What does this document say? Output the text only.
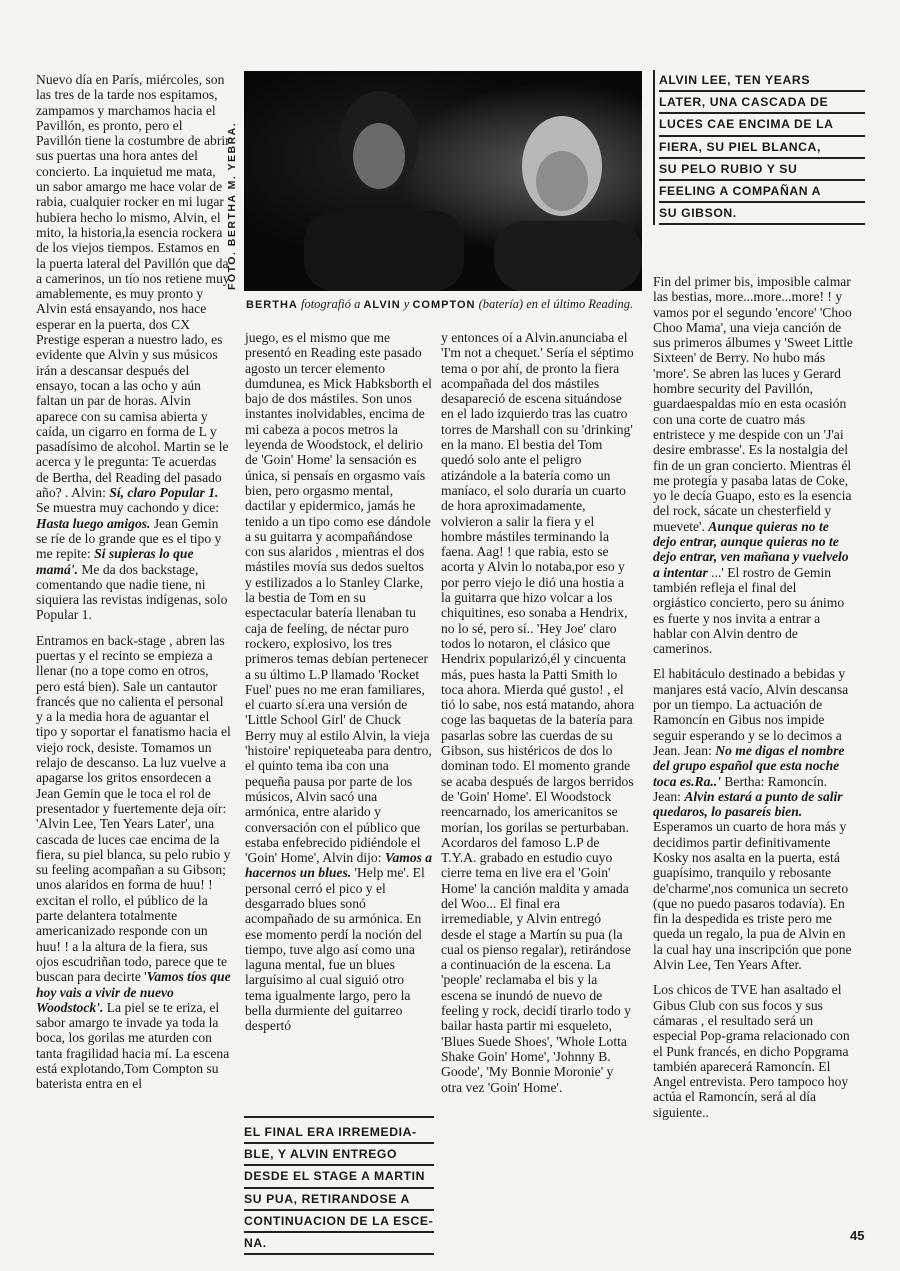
Nuevo día en París, miércoles, son las tres de la tarde nos espitamos, zampamos y marchamos hacia el Pavillón, es pronto, pero el Pavillón tiene la costumbre de abrir sus puertas una hora antes del concierto. La inquietud me mata, un sabor amargo me hace volar de rabia, cualquier rocker en mi lugar hubiera hecho lo mismo, Alvin, el mito, la historia,la esencia rockera de los viejos tiempos. Estamos en la puerta lateral del Pavillón que da a camerinos, un tío nos retiene muy amablemente, es muy pronto y Alvin está ensayando, nos hace esperar en la puerta, dos CX Prestige esperan a nuestro lado, es evidente que Alvin y sus músicos irán a descansar después del ensayo, tocan a las ocho y aún faltan un par de horas. Alvin aparece con su camisa abierta y caída, un cigarro en forma de L y pasadísimo de alcohol. Martin se le acerca y le pregunta: Te acuerdas de Bertha, del Reading del pasado año? . Alvin: Sí, claro Popular 1. Se muestra muy cachondo y dice: Hasta luego amigos. Jean Gemin se ríe de lo grande que es el tipo y me repite: Si supieras lo que mamá'. Me da dos backstage, comentando que nadie tiene, ni siquiera las revistas indígenas, solo Popular 1.

Entramos en back-stage , abren las puertas y el recinto se empieza a llenar (no a tope como en otros, pero está bien). Sale un cantautor francés que no calienta el personal y a la media hora de aguantar el tipo y soportar el fanatismo hacia el viejo rock, desiste. Tomamos un relajo de descanso. La luz vuelve a apagarse los gritos ensordecen a Jean Gemin que le toca el rol de presentador y fuertemente deja oír: 'Alvin Lee, Ten Years Later', una cascada de luces cae encima de la fiera, su piel blanca, su pelo rubio y su feeling acompañan a su Gibson; unos alaridos en forma de huu! ! excitan el rollo, el público de la parte delantera totalmente americanizado responde con un huu! ! a la altura de la fiera, sus ojos escudriñan todo, parece que te buscan para decirte 'Vamos tíos que hoy vais a vivir de nuevo Woodstock'. La piel se te eriza, el sabor amargo te invade ya toda la boca, los gorilas me aturden con tanta fragilidad hacia mí. La escena está explotando,Tom Compton su baterista entra en el

FOTO. BERTHA M. YEBRA.
BERTHA fotografió a ALVIN y COMPTON (batería) en el último Reading.
ALVIN LEE, TEN YEARS
LATER, UNA CASCADA DE
LUCES CAE ENCIMA DE LA
FIERA, SU PIEL BLANCA,
SU PELO RUBIO Y SU
FEELING A COMPAÑAN A
SU GIBSON.

juego, es el mismo que me presentó en Reading este pasado agosto un tercer elemento dumdunea, es Mick Habksborth el bajo de dos mástiles. Son unos instantes inolvidables, encima de mi cabeza a pocos metros la leyenda de Woodstock, el delirio de 'Goin' Home' la sensación es única, si pensaís en orgasmo vaís bien, pero orgasmo mental, dactilar y epidermico, jamás he tenido a un tipo como ese dándole a su guitarra y acompañándose con sus alaridos , mientras el dos mástiles movía sus dedos sueltos y estilizados a lo Stanley Clarke, la bestia de Tom en su espectacular batería llenaban tu caja de feeling, de néctar puro rockero, explosivo, los tres primeros temas debían pertenecer a su último L.P llamado 'Rocket Fuel' pues no me eran familiares, el cuarto sí.era una versión de 'Little School Girl' de Chuck Berry muy al estilo Alvin, la vieja 'histoire' repiqueteaba para dentro, el quinto tema iba con una pequeña pausa por parte de los músicos, Alvin sacó una armónica, entre alarido y conversación con el público que estaba enfebrecido pidiéndole el 'Goin' Home', Alvin dijo: Vamos a hacernos un blues. 'Help me'. El personal cerró el pico y el desgarrado blues sonó acompañado de su armónica. En ese momento perdí la noción del tiempo, tuve algo así como una laguna mental, fue un blues larguísimo al cual siguió otro tema igualmente largo, pero la bella durmiente del guitarreo despertó

EL FINAL ERA IRREMEDIA-
BLE, Y ALVIN ENTREGO
DESDE EL STAGE A MARTIN
SU PUA, RETIRANDOSE A
CONTINUACION DE LA ESCE-
NA.

y entonces oí a Alvin.anunciaba el 'I'm not a chequet.' Sería el séptimo tema o por ahí, de pronto la fiera acompañada del dos mástiles desapareció de escena situándose en el lado izquierdo tras las cuatro torres de Marshall con su 'drinking' en la mano. El bestia del Tom quedó solo ante el peligro atizándole a la batería como un maníaco, el solo duraría un cuarto de hora aproximadamente, volvieron a salir la fiera y el hombre mástiles terminando la faena. Aag! ! que rabia, esto se acorta y Alvin lo notaba,por eso y por perro viejo le dió una hostia a la guitarra que hizo volcar a los chiquitines, eso sonaba a Hendrix, no lo sé, pero sí.. 'Hey Joe' claro todos lo notaron, el clásico que Hendrix popularizó,él y cincuenta más, pues hasta la Patti Smith lo toca ahora. Mierda qué gusto! , el tió lo sabe, nos está matando, ahora coge las baquetas de la batería para pasarlas sobre las cuerdas de su Gibson, sus histéricos de dos lo dominan todo. El momento grande se acaba después de largos berridos de 'Goin' Home'. El Woodstock reencarnado, los americanitos se morían, los gorilas se perturbaban. Acordaros del famoso L.P de T.Y.A. grabado en estudio cuyo cierre tema en live era el 'Goin' Home' la canción maldita y amada del Woo... El final era irremediable, y Alvin entregó desde el stage a Martín su pua (la cual os pienso regalar), retirándose a continuación de la escena. La 'people' reclamaba el bis y la escena se inundó de nuevo de feeling y rock, decidí tirarlo todo y bailar hasta partir mi esqueleto, 'Blues Suede Shoes', 'Whole Lotta Shake Goin' Home', 'Johnny B. Goode', 'My Bonnie Moronie' y otra vez 'Goin' Home'.

Fin del primer bis, imposible calmar las bestias, more...more...more! ! y vamos por el segundo 'encore' 'Choo Choo Mama', una vieja canción de sus primeros álbumes y 'Sweet Little Sixteen' de Berry. No hubo más 'more'. Se abren las luces y Gerard hombre security del Pavillón, guardaespaldas mío en esta ocasión con una corte de cuatro más entristece y me despide con un 'J'ai desire embrasse'. Es la nostalgia del fin de un gran concierto. Mientras él me protegía y pasaba latas de Coke, yo le decía Guapo, esto es la esencia del rock, sácate un chesterfield y muevete'. Aunque quieras no te dejo entrar, aunque quieras no te dejo entrar, ven mañana y vuelvelo a intentar ...' El rostro de Gemin también refleja el final del orgiástico concierto, pero su ánimo es fuerte y nos invita a entrar a hablar con Alvin dentro de camerinos.

El habitáculo destinado a bebidas y manjares está vacío, Alvin descansa por un tiempo. La actuación de Ramoncín en Gibus nos impide seguir esperando y se lo decimos a Jean. Jean: No me digas el nombre del grupo español que esta noche toca es.Ra..' Bertha: Ramoncín. Jean: Alvin estará a punto de salir quedaros, lo pasareís bien. Esperamos un cuarto de hora más y decidimos partir definitivamente Kosky nos asalta en la puerta, está guapísimo, tranquilo y rebosante de'charme',nos comunica un secreto (que no puedo pasaros todavía). En fin la despedida es triste pero me queda un regalo, la pua de Alvin en la cual hay una inscripción que pone Alvin Lee, Ten Years After.

Los chicos de TVE han asaltado el Gibus Club con sus focos y sus cámaras , el resultado será un especial Pop-grama relacionado con el Punk francés, en dicho Popgrama también aparecerá Ramoncín. El Angel entrevista. Pero tampoco hoy actúa el Ramoncín, será al día siguiente..

45
